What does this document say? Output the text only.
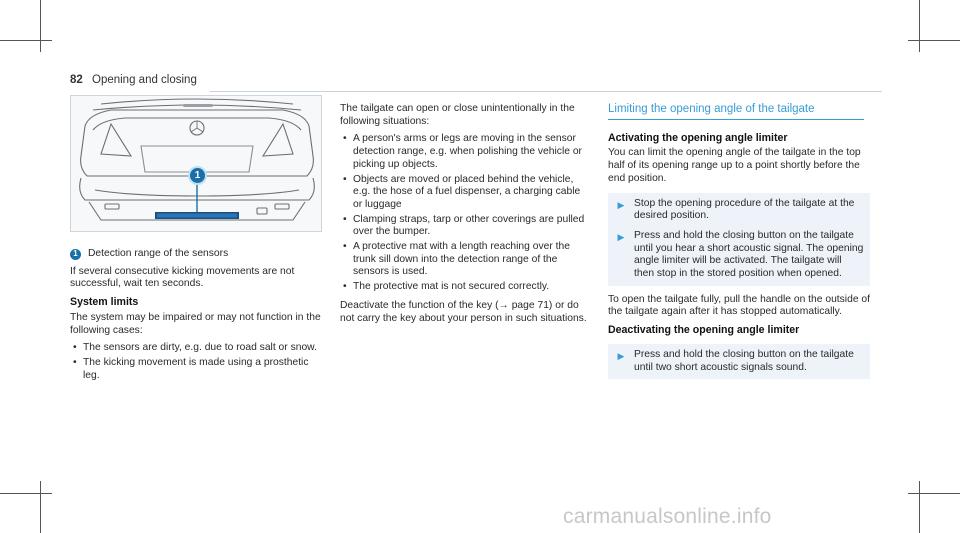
82 Opening and closing
1
1 Detection range of the sensors

If several consecutive kicking movements are not successful, wait ten seconds.

System limits

The system may be impaired or may not function in the following cases:

• The sensors are dirty, e.g. due to road salt or snow.
• The kicking movement is made using a prosthetic leg.

The tailgate can open or close unintentionally in the following situations:

• A person's arms or legs are moving in the sensor detection range, e.g. when polishing the vehicle or picking up objects.
• Objects are moved or placed behind the vehicle, e.g. the hose of a fuel dispenser, a charging cable or luggage
• Clamping straps, tarp or other coverings are pulled over the bumper.
• A protective mat with a length reaching over the trunk sill down into the detection range of the sensors is used.
• The protective mat is not secured correctly.

Deactivate the function of the key (→ page 71) or do not carry the key about your person in such situations.

Limiting the opening angle of the tailgate
Activating the opening angle limiter

You can limit the opening angle of the tailgate in the top half of its opening range up to a point shortly before the end position.

▶ Stop the opening procedure of the tailgate at the desired position.
▶ Press and hold the closing button on the tailgate until you hear a short acoustic signal. The opening angle limiter will be activated. The tailgate will then stop in the stored position when opened.

To open the tailgate fully, pull the handle on the outside of the tailgate again after it has stopped automatically.

Deactivating the opening angle limiter
▶ Press and hold the closing button on the tailgate until two short acoustic signals sound.
carmanualsonline.info
